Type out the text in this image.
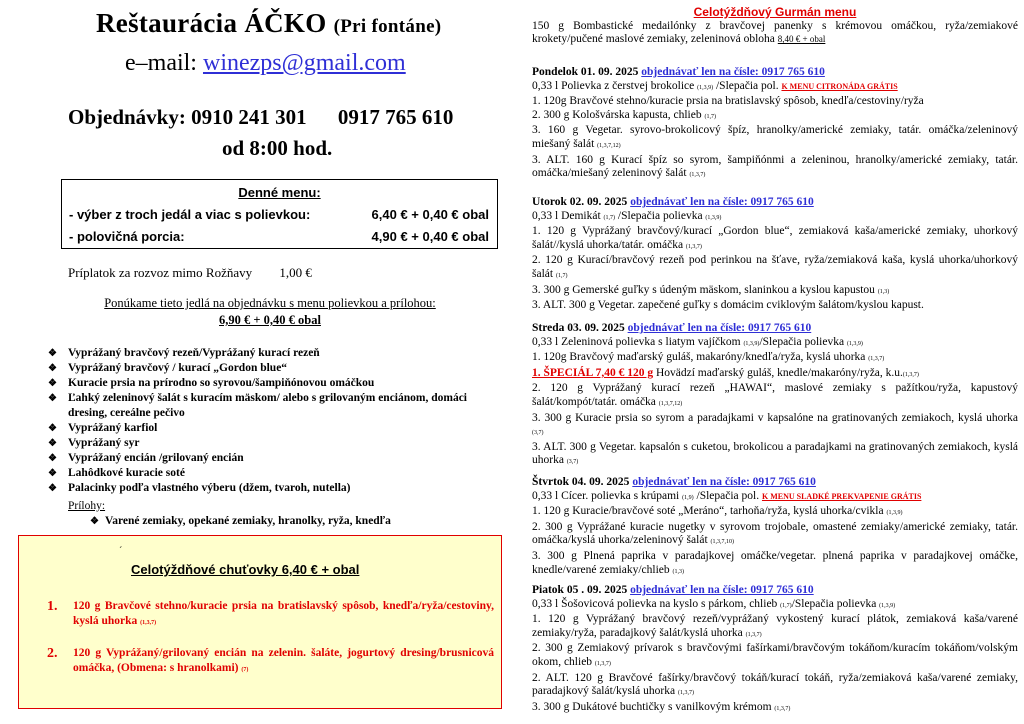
Reštaurácia ÁČKO (Pri fontáne)
e–mail: winezps@gmail.com
Objednávky: 0910 241 301 0917 765 610
od 8:00 hod.
Denné menu:
- výber z troch jedál a viac s polievkou:	6,40 € + 0,40 € obal
- polovičná porcia:	4,90 € + 0,40 € obal
Príplatok za rozvoz mimo Rožňavy 1,00 €
Ponúkame tieto jedlá na objednávku s menu polievkou a prílohou:
6,90 € + 0,40 € obal
❖ Vyprážaný bravčový rezeň/Vyprážaný kurací rezeň
❖ Vyprážaný bravčový / kurací „Gordon blue“
❖ Kuracie prsia na prírodno so syrovou/šampiňónovou omáčkou
❖ Ľahký zeleninový šalát s kuracím mäskom/ alebo s grilovaným enciánom, domáci dresing, cereálne pečivo
❖ Vyprážaný karfiol
❖ Vyprážaný syr
❖ Vyprážaný encián /grilovaný encián
❖ Lahôdkové kuracie soté
❖ Palacinky podľa vlastného výberu (džem, tvaroh, nutella)
Prílohy:
❖ Varené zemiaky, opekané zemiaky, hranolky, ryža, knedľa
´
Celotýždňové chuťovky 6,40 € + obal
1. 120 g Bravčové stehno/kuracie prsia na bratislavský spôsob, knedľa/ryža/cestoviny, kyslá uhorka (1,3,7)
2. 120 g Vyprážaný/grilovaný encián na zelenin. šaláte, jogurtový dresing/brusnicová omáčka, (Obmena: s hranolkami) (7)
Celotýždňový Gurmán menu
150 g Bombastické medailónky z bravčovej panenky s krémovou omáčkou, ryža/zemiakové krokety/pučené maslové zemiaky, zeleninová obloha 8,40 € + obal
Pondelok 01. 09. 2025 objednávať len na čísle: 0917 765 610
0,33 l Polievka z čerstvej brokolice (1,3,9) /Slepačia pol. K MENU CITRONÁDA GRÁTIS
1. 120g Bravčové stehno/kuracie prsia na bratislavský spôsob, knedľa/cestoviny/ryža
2. 300 g Kološvárska kapusta, chlieb (1,7)
3. 160 g Vegetar. syrovo-brokolicový špíz, hranolky/americké zemiaky, tatár. omáčka/zeleninový miešaný šalát (1,3,7,12)
3. ALT. 160 g Kurací špíz so syrom, šampiňónmi a zeleninou, hranolky/americké zemiaky, tatár. omáčka/miešaný zeleninový šalát (1,3,7)
Utorok 02. 09. 2025 objednávať len na čísle: 0917 765 610
0,33 l Demikát (1,7) /Slepačia polievka (1,3,9)
1. 120 g Vyprážaný bravčový/kurací „Gordon blue“, zemiaková kaša/americké zemiaky, uhorkový šalát//kyslá uhorka/tatár. omáčka (1,3,7)
2. 120 g Kurací/bravčový rezeň pod perinkou na šťave, ryža/zemiaková kaša, kyslá uhorka/uhorkový šalát (1,7)
3. 300 g Gemerské guľky s údeným mäskom, slaninkou a kyslou kapustou (1,3)
3. ALT. 300 g Vegetar. zapečené guľky s domácim cviklovým šalátom/kyslou kapust.
Streda 03. 09. 2025 objednávať len na čísle: 0917 765 610
0,33 l Zeleninová polievka s liatym vajíčkom (1,3,9)/Slepačia polievka (1,3,9)
1. 120g Bravčový maďarský guláš, makaróny/knedľa/ryža, kyslá uhorka (1,3,7)
1. ŠPECIÁL 7,40 € 120 g Hovädzí maďarský guláš, knedle/makaróny/ryža, k.u.(1,3,7)
2. 120 g Vyprážaný kurací rezeň „HAWAI“, maslové zemiaky s pažítkou/ryža, kapustový šalát/kompót/tatár. omáčka (1,3,7,12)
3. 300 g Kuracie prsia so syrom a paradajkami v kapsalóne na gratinovaných zemiakoch, kyslá uhorka (3,7)
3. ALT. 300 g Vegetar. kapsalón s cuketou, brokolicou a paradajkami na gratinovaných zemiakoch, kyslá uhorka (3,7)
Štvrtok 04. 09. 2025 objednávať len na čísle: 0917 765 610
0,33 l Cícer. polievka s krúpami (1,9) /Slepačia pol. K MENU SLADKÉ PREKVAPENIE GRÁTIS
1. 120 g Kuracie/bravčové soté „Meráno“, tarhoňa/ryža, kyslá uhorka/cvikla (1,3,9)
2. 300 g Vyprážané kuracie nugetky v syrovom trojobale, omastené zemiaky/americké zemiaky, tatár. omáčka/kyslá uhorka/zeleninový šalát (1,3,7,10)
3. 300 g Plnená paprika v paradajkovej omáčke/vegetar. plnená paprika v paradajkovej omáčke, knedle/varené zemiaky/chlieb (1,3)
Piatok 05 . 09. 2025 objednávať len na čísle: 0917 765 610
0,33 l Šošovicová polievka na kyslo s párkom, chlieb (1,7)/Slepačia polievka (1,3,9)
1. 120 g Vyprážaný bravčový rezeň/vyprážaný vykostený kurací plátok, zemiaková kaša/varené zemiaky/ryža, paradajkový šalát/kyslá uhorka (1,3,7)
2. 300 g Zemiakový prívarok s bravčovými fašírkami/bravčovým tokáňom/kuracím tokáňom/volským okom, chlieb (1,3,7)
2. ALT. 120 g Bravčové fašírky/bravčový tokáň/kurací tokáň, ryža/zemiaková kaša/varené zemiaky, paradajkový šalát/kyslá uhorka (1,3,7)
3. 300 g Dukátové buchtičky s vanilkovým krémom (1,3,7)
